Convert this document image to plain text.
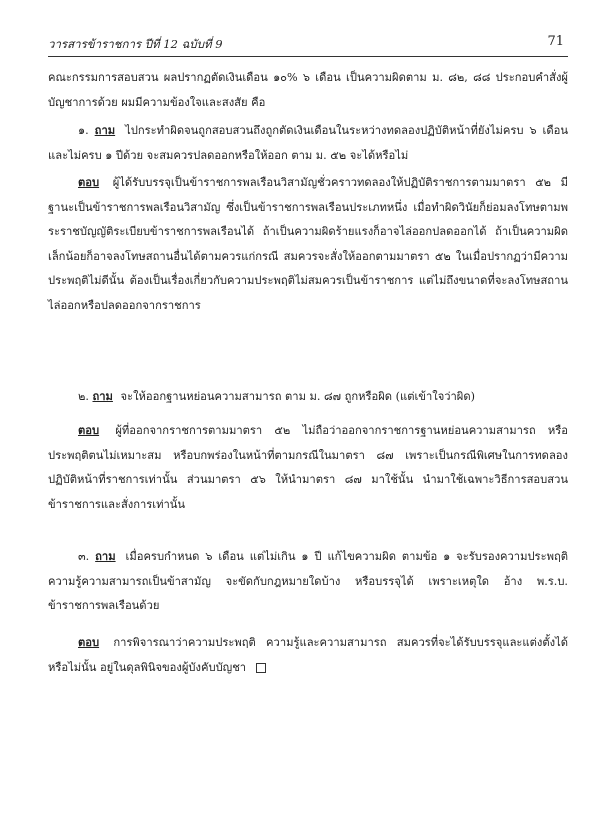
วารสารข้าราชการ ปีที่ 12 ฉบับที่ 9	71
คณะกรรมการสอบสวน ผลปรากฏตัดเงินเดือน ๑๐% ๖ เดือน เป็นความผิดตาม ม. ๘๒, ๘๘ ประกอบคำสั่งผู้บัญชาการด้วย ผมมีความข้องใจและสงสัย คือ
๑. ถาม ไปกระทำผิดจนถูกสอบสวนถึงถูกตัดเงินเดือนในระหว่างทดลองปฏิบัติหน้าที่ยังไม่ครบ ๖ เดือน และไม่ครบ ๑ ปีด้วย จะสมควรปลดออกหรือให้ออก ตาม ม. ๕๒ จะได้หรือไม่
ตอบ ผู้ได้รับบรรจุเป็นข้าราชการพลเรือนวิสามัญชั่วคราวทดลองให้ปฏิบัติราชการตามมาตรา ๕๒ มีฐานะเป็นข้าราชการพลเรือนวิสามัญ ซึ่งเป็นข้าราชการพลเรือนประเภทหนึ่ง เมื่อทำผิดวินัยก็ย่อมลงโทษตามพระราชบัญญัติระเบียบข้าราชการพลเรือนได้ ถ้าเป็นความผิดร้ายแรงก็อาจไล่ออกปลดออกได้ ถ้าเป็นความผิดเล็กน้อยก็อาจลงโทษสถานอื่นได้ตามควรแก่กรณี สมควรจะสั่งให้ออกตามมาตรา ๕๒ ในเมื่อปรากฏว่ามีความประพฤติไม่ดีนั้น ต้องเป็นเรื่องเกี่ยวกับความประพฤติไม่สมควรเป็นข้าราชการ แต่ไม่ถึงขนาดที่จะลงโทษสถานไล่ออกหรือปลดออกจากราชการ
๒. ถาม จะให้ออกฐานหย่อนความสามารถ ตาม ม. ๘๗ ถูกหรือผิด (แต่เข้าใจว่าผิด)
ตอบ ผู้ที่ออกจากราชการตามมาตรา ๕๒ ไม่ถือว่าออกจากราชการฐานหย่อนความสามารถ หรือประพฤติตนไม่เหมาะสม หรือบกพร่องในหน้าที่ตามกรณีในมาตรา ๘๗ เพราะเป็นกรณีพิเศษในการทดลองปฏิบัติหน้าที่ราชการเท่านั้น ส่วนมาตรา ๕๖ ให้นำมาตรา ๘๗ มาใช้นั้น นำมาใช้เฉพาะวิธีการสอบสวนข้าราชการและสั่งการเท่านั้น
๓. ถาม เมื่อครบกำหนด ๖ เดือน แต่ไม่เกิน ๑ ปี แก้ไขความผิด ตามข้อ ๑ จะรับรองความประพฤติความรู้ความสามารถเป็นข้าสามัญ จะขัดกับกฎหมายใดบ้าง หรือบรรจุได้ เพราะเหตุใด อ้าง พ.ร.บ. ข้าราชการพลเรือนด้วย
ตอบ การพิจารณาว่าความประพฤติ ความรู้และความสามารถ สมควรที่จะได้รับบรรจุและแต่งตั้งได้หรือไม่นั้น อยู่ในดุลพินิจของผู้บังคับบัญชา
